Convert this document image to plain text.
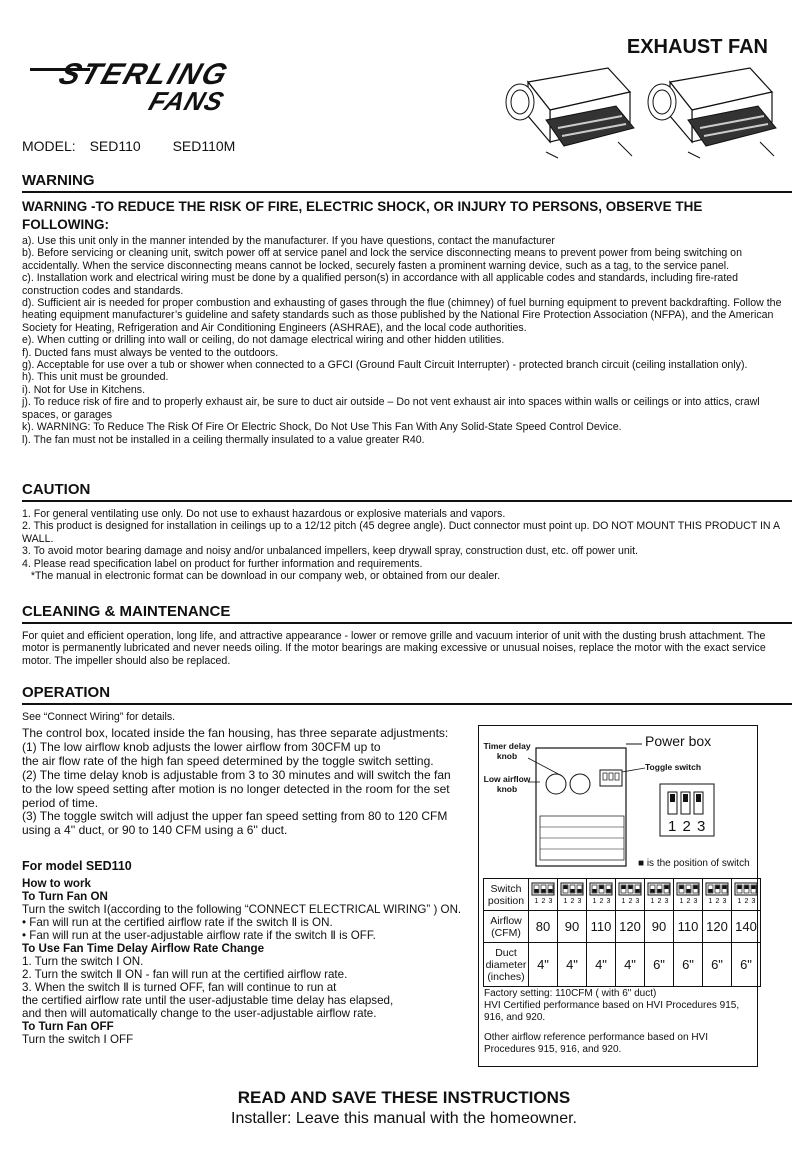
EXHAUST FAN
STERLING
FANS
MODEL: SED110 SED110M
WARNING
WARNING -TO REDUCE THE RISK OF FIRE, ELECTRIC SHOCK, OR INJURY TO PERSONS, OBSERVE THE FOLLOWING:

a). Use this unit only in the manner intended by the manufacturer. If you have questions, contact the manufacturer

b). Before servicing or cleaning unit, switch power off at service panel and lock the service disconnecting means to prevent power from being switching on accidentally. When the service disconnecting means cannot be locked, securely fasten a prominent warning device, such as a tag, to the service panel.

c). Installation work and electrical wiring must be done by a qualified person(s) in accordance with all applicable codes and standards, including fire-rated construction codes and standards.

d). Sufficient air is needed for proper combustion and exhausting of gases through the flue (chimney) of fuel burning equipment to prevent backdrafting. Follow the heating equipment manufacturer’s guideline and safety standards such as those published by the National Fire Protection Association (NFPA), and the American Society for Heating, Refrigeration and Air Conditioning Engineers (ASHRAE), and the local code authorities.

e). When cutting or drilling into wall or ceiling, do not damage electrical wiring and other hidden utilities.

f). Ducted fans must always be vented to the outdoors.

g). Acceptable for use over a tub or shower when connected to a GFCI (Ground Fault Circuit Interrupter) - protected branch circuit (ceiling installation only).

h). This unit must be grounded.

i). Not for Use in Kitchens.

j). To reduce risk of fire and to properly exhaust air, be sure to duct air outside – Do not vent exhaust air into spaces within walls or ceilings or into attics, crawl spaces, or garages

k). WARNING: To Reduce The Risk Of Fire Or Electric Shock, Do Not Use This Fan With Any Solid-State Speed Control Device.

l). The fan must not be installed in a ceiling thermally insulated to a value greater R40.

CAUTION

1. For general ventilating use only. Do not use to exhaust hazardous or explosive materials and vapors.

2. This product is designed for installation in ceilings up to a 12/12 pitch (45 degree angle). Duct connector must point up. DO NOT MOUNT THIS PRODUCT IN A WALL.

3. To avoid motor bearing damage and noisy and/or unbalanced impellers, keep drywall spray, construction dust, etc. off power unit.

4. Please read specification label on product for further information and requirements.

*The manual in electronic format can be download in our company web, or obtained from our dealer.

CLEANING & MAINTENANCE
For quiet and efficient operation, long life, and attractive appearance - lower or remove grille and vacuum interior of unit with the dusting brush attachment. The motor is permanently lubricated and never needs oiling. If the motor bearings are making excessive or unusual noises, replace the motor with the exact service motor. The impeller should also be replaced.
OPERATION
See “Connect Wiring” for details.
The control box, located inside the fan housing, has three separate adjustments:
(1) The low airflow knob adjusts the lower airflow from 30CFM up to
the air flow rate of the high fan speed determined by the toggle switch setting.
(2) The time delay knob is adjustable from 3 to 30 minutes and will switch the fan
to the low speed setting after motion is no longer detected in the room for the set
period of time.
(3) The toggle switch will adjust the upper fan speed setting from 80 to 120 CFM
using a 4'' duct, or 90 to 140 CFM using a 6'' duct.
For model SED110
How to work
To Turn Fan ON
Turn the switch Ⅰ(according to the following “CONNECT ELECTRICAL WIRING” ) ON.
• Fan will run at the certified airflow rate if the switch Ⅱ is ON.
• Fan will run at the user-adjustable airflow rate if the switch Ⅱ is OFF.
To Use Fan Time Delay Airflow Rate Change
1. Turn the switch Ⅰ ON.
2. Turn the switch Ⅱ ON - fan will run at the certified airflow rate.
3. When the switch Ⅱ is turned OFF, fan will continue to run at
the certified airflow rate until the user-adjustable time delay has elapsed,
and then will automatically change to the user-adjustable airflow rate.
To Turn Fan OFF
Turn the switch Ⅰ OFF
Power box
Timer delay knob
Low airflow knob
Toggle switch
1 2 3
■ is the position of switch
Switch position	1 2 3	1 2 3	1 2 3	1 2 3	1 2 3	1 2 3	1 2 3	1 2 3

Airflow (CFM)	80	90	110	120	90	110	120	140
Duct diameter (inches)	4"	4"	4"	4"	6"	6"	6"	6"
Factory setting: 110CFM ( with 6" duct)
HVI Certified performance based on HVI Procedures 915, 916, and 920.
Other airflow reference performance based on HVI Procedures 915, 916, and 920.
READ AND SAVE THESE INSTRUCTIONS
Installer: Leave this manual with the homeowner.
